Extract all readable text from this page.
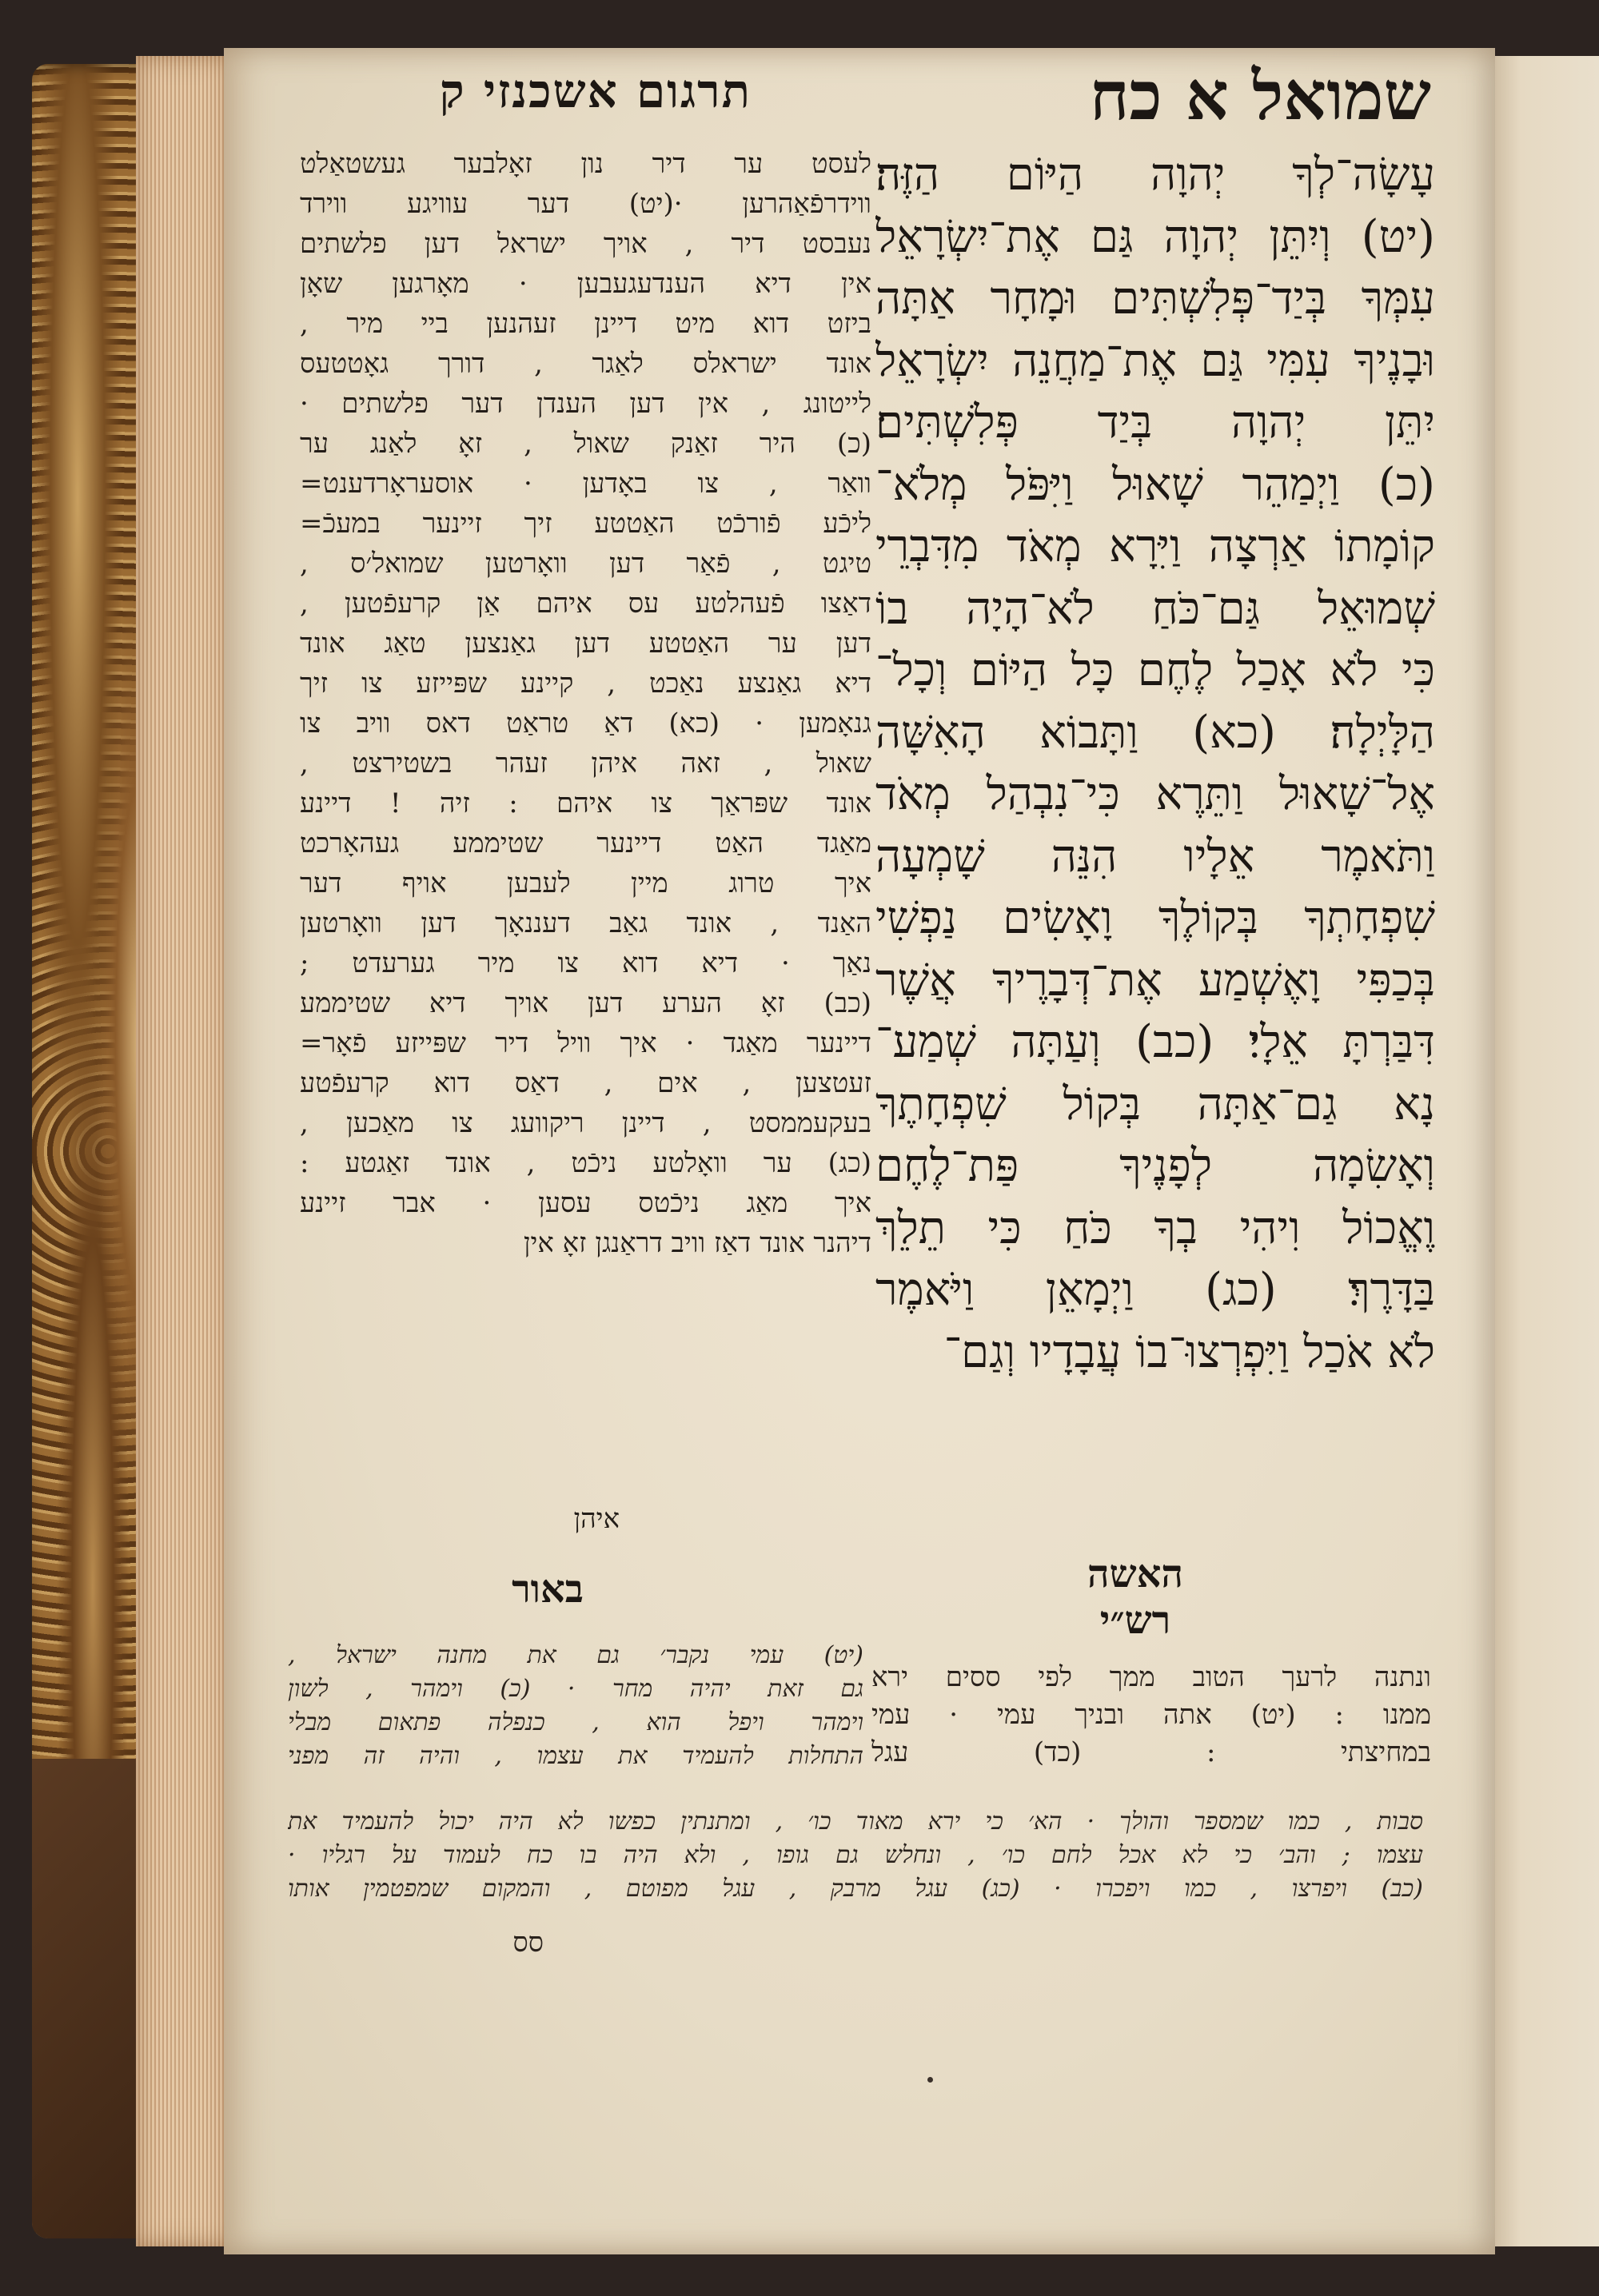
תרגום אשכנזי ק	שמואל א כח
לעסט ער דיר נון זאָלבער געשטאַלט
ווידרפֿאַהרען ·(יט) דער עוויגע ווירד
נעבסט דיר , אויך ישראל דען פלשתים
אין דיא הענדעגעבען · מאָרגען שאָן
ביזט דוא מיט דיינן זעהנען ביי מיר ,
אונד ישראלס לאַגר , דורך גאָטטעס
לייטונג , אין דען הענדן דער פלשתים ·
(כ) היר זאַנק שאול , זאָ לאַנג ער
וואַר , צו באָדען · אוסעראָרדענט=
ליכֿע פֿורכֿט האַטטע זיך זיינער במעכֿ=
טיגט , פֿאַר דען וואָרטען שמואל׳ס ,
דאַצו פֿעהלטע עס איהם אַן קרעפֿטען ,
דען ער האַטטע דען גאַנצען טאַג אונד
דיא גאַנצע נאַכט , קיינע שפּייזע צו זיך
גנאָמען · (כא) דאַ טראַט דאס וויב צו
שאול , זאה איהן זעהר בשטירצט ,
אונד שפּראַך צו איהם : זיה ! דיינע
מאַגד האַט דיינער שטיממע געהאָרכט
איך טרוג מיין לעבען אויף דער
האַנד , אונד גאַב דעננאָך דען וואָרטען
נאַך · דיא דוא צו מיר גערעדט ;
(כב) זאָ הערע דען אויך דיא שטיממע
דיינער מאַגד · איך וויל דיר שפּייזע פֿאָר=
זעטצען , אים , דאַס דוא קרעפֿטע
בעקעממסט , דיינן ריקוועג צו מאַכען ,
(כג) ער וואָלטע ניכֿט , אונד זאַגטע :
איך מאַג ניכֿטס עסען · אבר זיינע
דיהנר אונד דאַז וויב דראַנגן זאָ אין
עָשָׂה־לְךָ יְהוָה הַיּוֹם הַזֶּה׃
(יט) וְיִתֵּן יְהוָה גַּם אֶת־יִשְׂרָאֵל
עִמְּךָ בְּיַד־פְּלִשְׁתִּים וּמָחָר אַתָּה
וּבָנֶיךָ עִמִּי גַּם אֶת־מַחֲנֵה יִשְׂרָאֵל
יִתֵּן יְהוָה בְּיַד פְּלִשְׁתִּים׃
(כ) וַיְמַהֵר שָׁאוּל וַיִּפֹּל מְלֹא־
קוֹמָתוֹ אַרְצָה וַיִּרָא מְאֹד מִדִּבְרֵי
שְׁמוּאֵל גַּם־כֹּחַ לֹא־הָיָה בוֹ
כִּי לֹא אָכַל לֶחֶם כָּל הַיּוֹם וְכָל־
הַלָּיְלָה׃ (כא) וַתָּבוֹא הָאִשָּׁה
אֶל־שָׁאוּל וַתֵּרֶא כִּי־נִבְהַל מְאֹד
וַתֹּאמֶר אֵלָיו הִנֵּה שָׁמְעָה
שִׁפְחָתְךָ בְּקוֹלֶךָ וָאָשִׂים נַפְשִׁי
בְּכַפִּי וָאֶשְׁמַע אֶת־דְּבָרֶיךָ אֲשֶׁר
דִּבַּרְתָּ אֵלָי׃ (כב) וְעַתָּה שְׁמַע־
נָא גַם־אַתָּה בְּקוֹל שִׁפְחָתֶךָ
וְאָשִׂמָה לְפָנֶיךָ פַּת־לֶחֶם
וֶאֱכוֹל וִיהִי בְךָ כֹּחַ כִּי תֵלֵךְ
בַּדָּרֶךְ׃ (כג) וַיְמָאֵן וַיֹּאמֶר
לֹא אֹכַל וַיִּפְרְצוּ־בוֹ עֲבָדָיו וְגַם־
איהן
באור	האשה
רש״י
(יט) עמי נקבר׳ גם את מחנה ישראל ,
גם זאת יהיה מחר · (כ) וימהר , לשון
וימהר ויפל הוא , כנפלה פתאום מבלי
התחלות להעמיד את עצמו , והיה זה מפני
ונתנה לרעך הטוב ממך לפי ססים ירא
ממנו : (יט) אתה ובניך עמי · עמי
במחיצתי : (כד) עגל
סבות , כמו שמספר והולך · הא׳ כי ירא מאוד כו׳ , ומתנתין כפשו לא היה יכול להעמיד את
עצמו ; והב׳ כי לא אכל לחם כו׳ , ונחלש גם גופו , ולא היה בו כח לעמוד על רגליו ·
(כב) ויפרצו , כמו ויפכרו · (כג) עגל מרבק , עגל מפוטם , והמקום שמפטמין אותו
סס
